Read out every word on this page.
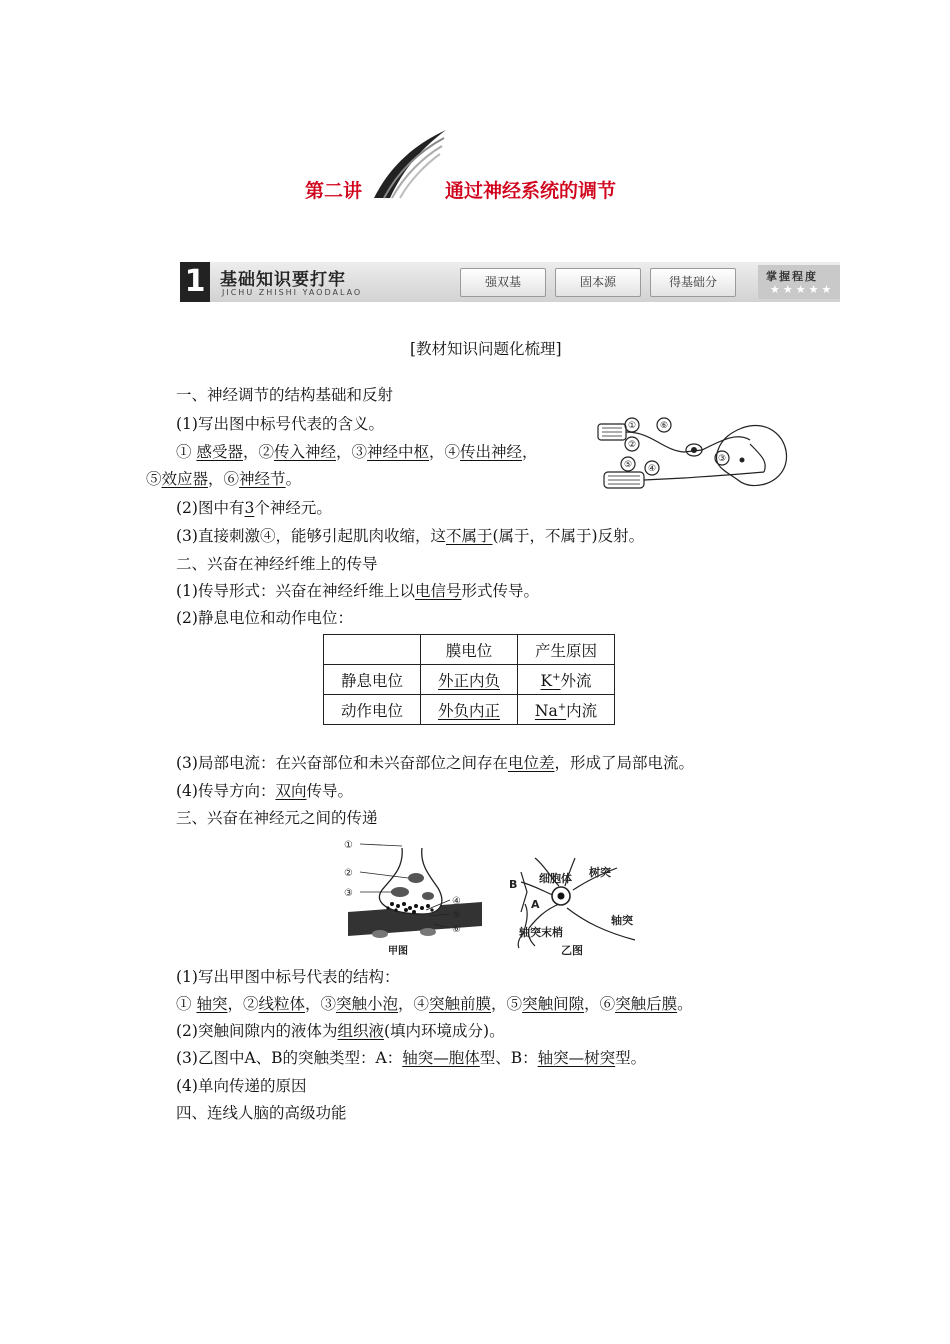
第二讲	通过神经系统的调节
1 基础知识要打牢
JICHU ZHISHI YAODALAO
强双基	固本源	得基础分	掌握程度
★★★★★
[教材知识问题化梳理]
一、神经调节的结构基础和反射
(1)写出图中标号代表的含义。
① 感受器，②传入神经，③神经中枢，④传出神经，
⑤效应器，⑥神经节。
(2)图中有3个神经元。
(3)直接刺激④，能够引起肌肉收缩，这不属于(属于，不属于)反射。
①	⑥
②
③
⑤ ④
二、兴奋在神经纤维上的传导
(1)传导形式：兴奋在神经纤维上以电信号形式传导。
(2)静息电位和动作电位：
	膜电位	产生原因
静息电位	外正内负	K+外流
动作电位	外负内正	Na+内流
(3)局部电流：在兴奋部位和未兴奋部位之间存在电位差，形成了局部电流。
(4)传导方向：双向传导。
三、兴奋在神经元之间的传递
①
②
③
④
⑤
⑥
甲图
B 细胞体 树突
A
轴突
轴突末梢
乙图
(1)写出甲图中标号代表的结构：
① 轴突，②线粒体，③突触小泡，④突触前膜，⑤突触间隙，⑥突触后膜。
(2)突触间隙内的液体为组织液(填内环境成分)。
(3)乙图中A、B的突触类型：A：轴突—胞体型、B：轴突—树突型。
(4)单向传递的原因
四、连线人脑的高级功能
